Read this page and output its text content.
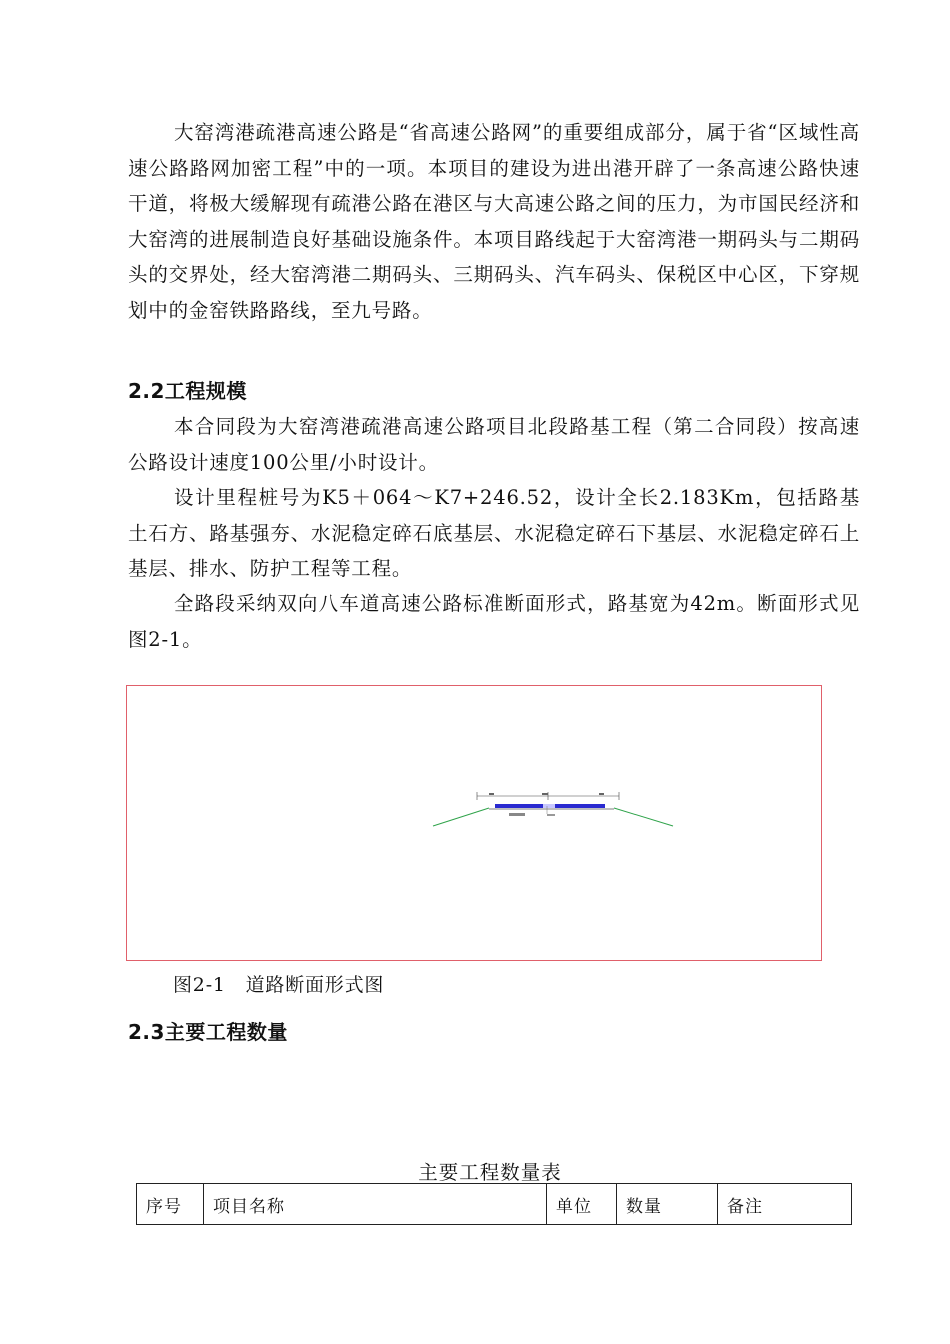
大窑湾港疏港高速公路是“省高速公路网”的重要组成部分，属于省“区域性高速公路路网加密工程”中的一项。本项目的建设为进出港开辟了一条高速公路快速干道，将极大缓解现有疏港公路在港区与大高速公路之间的压力，为市国民经济和大窑湾的进展制造良好基础设施条件。本项目路线起于大窑湾港一期码头与二期码头的交界处，经大窑湾港二期码头、三期码头、汽车码头、保税区中心区，下穿规划中的金窑铁路路线，至九号路。

2.2工程规模

本合同段为大窑湾港疏港高速公路项目北段路基工程（第二合同段）按高速公路设计速度100公里/小时设计。

设计里程桩号为K5＋064～K7+246.52，设计全长2.183Km，包括路基土石方、路基强夯、水泥稳定碎石底基层、水泥稳定碎石下基层、水泥稳定碎石上基层、排水、防护工程等工程。

全路段采纳双向八车道高速公路标准断面形式，路基宽为42m。断面形式见图2-1。

图2-1　道路断面形式图

2.3主要工程数量

主要工程数量表

序号	项目名称	单位	数量	备注
